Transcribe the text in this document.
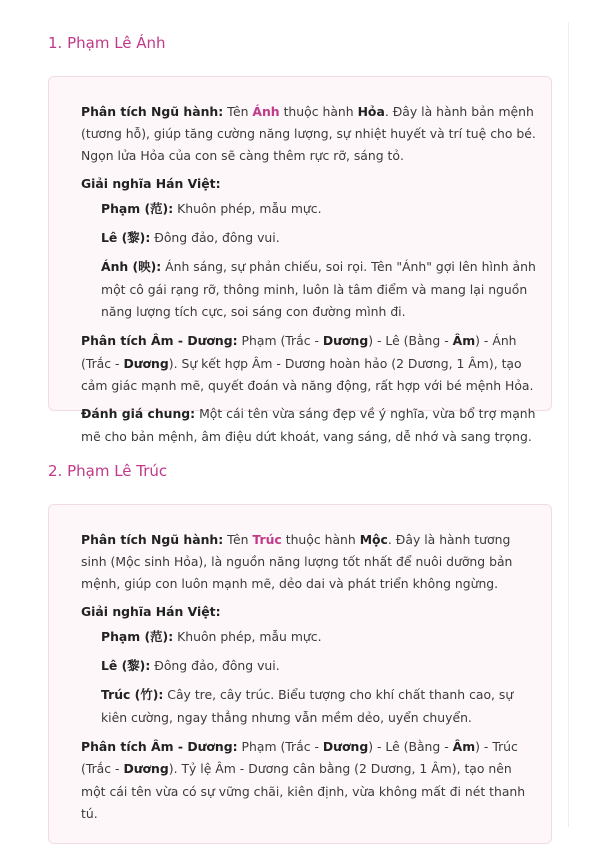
1. Phạm Lê Ánh

Phân tích Ngũ hành: Tên Ánh thuộc hành Hỏa. Đây là hành bản mệnh (tương hỗ), giúp tăng cường năng lượng, sự nhiệt huyết và trí tuệ cho bé. Ngọn lửa Hỏa của con sẽ càng thêm rực rỡ, sáng tỏ.

Giải nghĩa Hán Việt:

Phạm (范): Khuôn phép, mẫu mực.

Lê (黎): Đông đảo, đông vui.

Ánh (映): Ánh sáng, sự phản chiếu, soi rọi. Tên "Ánh" gợi lên hình ảnh một cô gái rạng rỡ, thông minh, luôn là tâm điểm và mang lại nguồn năng lượng tích cực, soi sáng con đường mình đi.

Phân tích Âm - Dương: Phạm (Trắc - Dương) - Lê (Bằng - Âm) - Ánh (Trắc - Dương). Sự kết hợp Âm - Dương hoàn hảo (2 Dương, 1 Âm), tạo cảm giác mạnh mẽ, quyết đoán và năng động, rất hợp với bé mệnh Hỏa.

Đánh giá chung: Một cái tên vừa sáng đẹp về ý nghĩa, vừa bổ trợ mạnh mẽ cho bản mệnh, âm điệu dứt khoát, vang sáng, dễ nhớ và sang trọng.

2. Phạm Lê Trúc

Phân tích Ngũ hành: Tên Trúc thuộc hành Mộc. Đây là hành tương sinh (Mộc sinh Hỏa), là nguồn năng lượng tốt nhất để nuôi dưỡng bản mệnh, giúp con luôn mạnh mẽ, dẻo dai và phát triển không ngừng.

Giải nghĩa Hán Việt:

Phạm (范): Khuôn phép, mẫu mực.

Lê (黎): Đông đảo, đông vui.

Trúc (竹): Cây tre, cây trúc. Biểu tượng cho khí chất thanh cao, sự kiên cường, ngay thẳng nhưng vẫn mềm dẻo, uyển chuyển.

Phân tích Âm - Dương: Phạm (Trắc - Dương) - Lê (Bằng - Âm) - Trúc (Trắc - Dương). Tỷ lệ Âm - Dương cân bằng (2 Dương, 1 Âm), tạo nên một cái tên vừa có sự vững chãi, kiên định, vừa không mất đi nét thanh tú.
